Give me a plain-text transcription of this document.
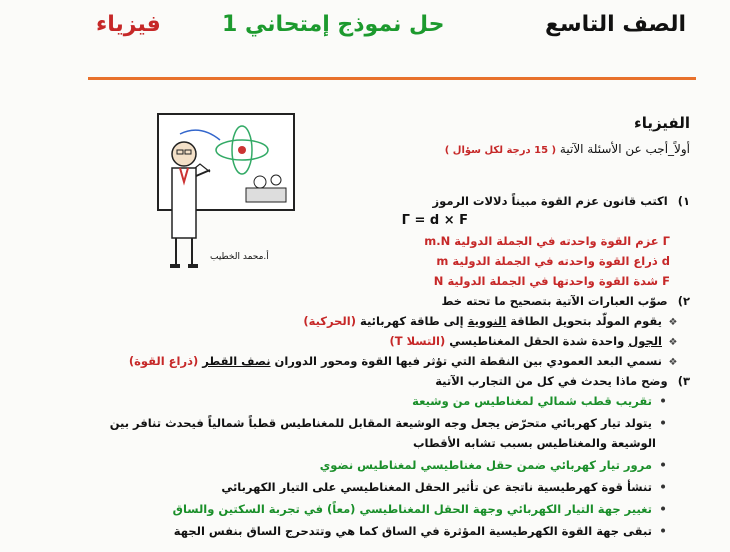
الصف التاسع
حل نموذج إمتحاني 1
فيزياء
أ.محمد الخطيب
الفيزياء
أولاً_أجب عن الأسئلة الآتية ( 15 درجة لكل سؤال )
١) اكتب قانون عزم القوة مبيناً دلالات الرموز
Γ = d × F
Γ عزم القوة واحدته في الجملة الدولية m.N
d ذراع القوة واحدته في الجملة الدولية m
F شدة القوة واحدتها في الجملة الدولية N
٢) صوّب العبارات الآتية بتصحيح ما تحته خط
❖ يقوم المولّد بتحويل الطاقة النووية إلى طاقة كهربائية (الحركية)
❖ الجول واحدة شدة الحقل المغناطيسي (التسلا T)
❖ نسمي البعد العمودي بين النقطة التي تؤثر فيها القوة ومحور الدوران نصف القطر (ذراع القوة)
٣) وضح ماذا يحدث في كل من التجارب الآتية
• تقريب قطب شمالي لمغناطيس من وشيعة
• يتولد تيار كهربائي متحرّض يجعل وجه الوشيعة المقابل للمغناطيس قطباً شمالياً فيحدث تنافر بين
الوشيعة والمغناطيس بسبب تشابه الأقطاب
• مرور تيار كهربائي ضمن حقل مغناطيسي لمغناطيس نضوي
• تنشأ قوة كهرطيسية ناتجة عن تأثير الحقل المغناطيسي على التيار الكهربائي
• تغيير جهة التيار الكهربائي وجهة الحقل المغناطيسي (معاً) في تجربة السكتين والساق
• تبقى جهة القوة الكهرطيسية المؤثرة في الساق كما هي وتتدحرج الساق بنفس الجهة
